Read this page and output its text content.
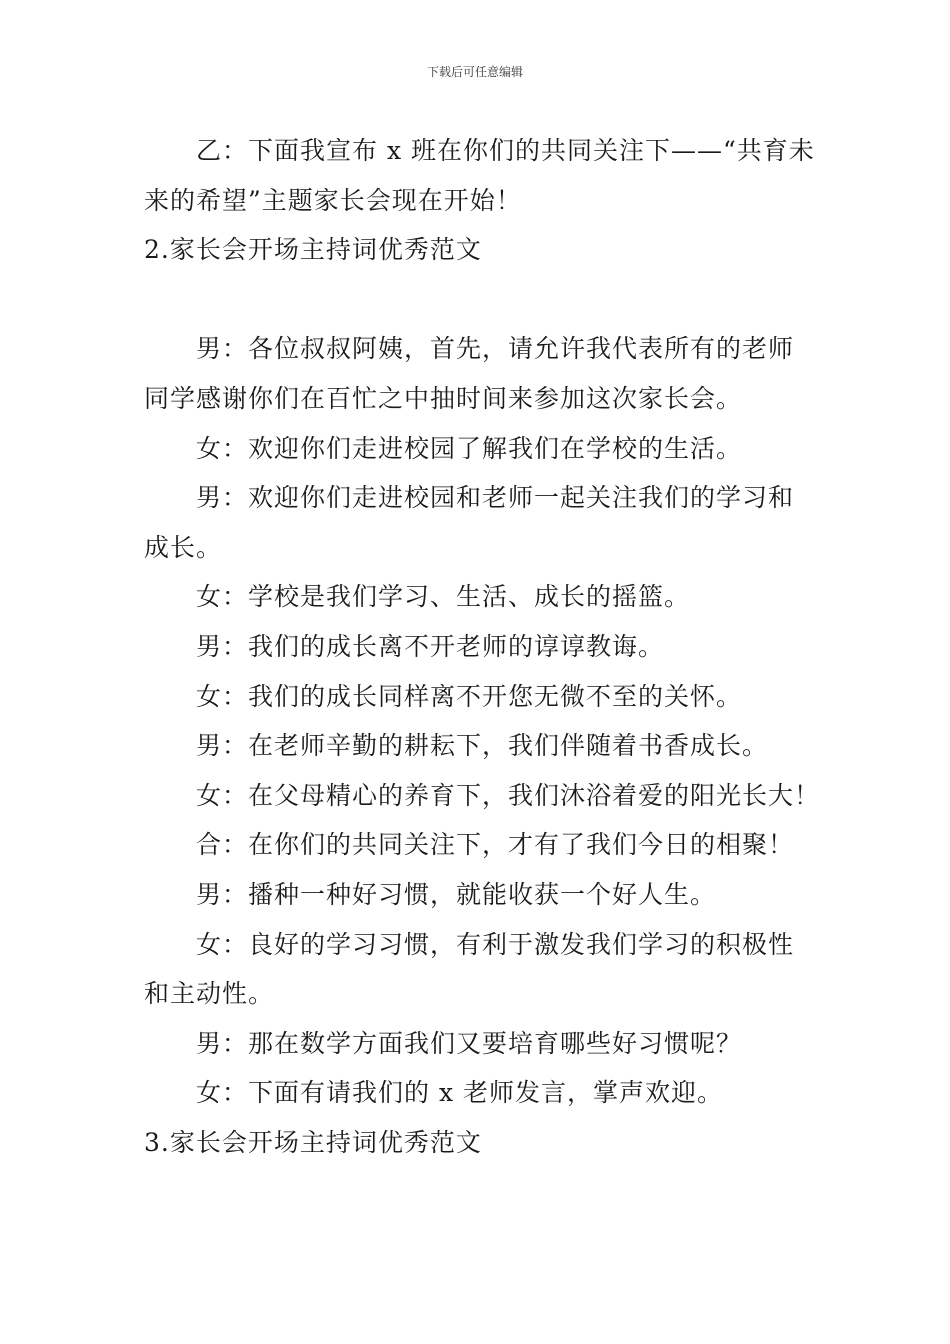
下载后可任意编辑
乙：下面我宣布 x 班在你们的共同关注下——“共育未
来的希望”主题家长会现在开始！
2.家长会开场主持词优秀范文
男：各位叔叔阿姨，首先，请允许我代表所有的老师
同学感谢你们在百忙之中抽时间来参加这次家长会。
女：欢迎你们走进校园了解我们在学校的生活。
男：欢迎你们走进校园和老师一起关注我们的学习和
成长。
女：学校是我们学习、生活、成长的摇篮。
男：我们的成长离不开老师的谆谆教诲。
女：我们的成长同样离不开您无微不至的关怀。
男：在老师辛勤的耕耘下，我们伴随着书香成长。
女：在父母精心的养育下，我们沐浴着爱的阳光长大！
合：在你们的共同关注下，才有了我们今日的相聚！
男：播种一种好习惯，就能收获一个好人生。
女：良好的学习习惯，有利于激发我们学习的积极性
和主动性。
男：那在数学方面我们又要培育哪些好习惯呢？
女：下面有请我们的 x 老师发言，掌声欢迎。
3.家长会开场主持词优秀范文
